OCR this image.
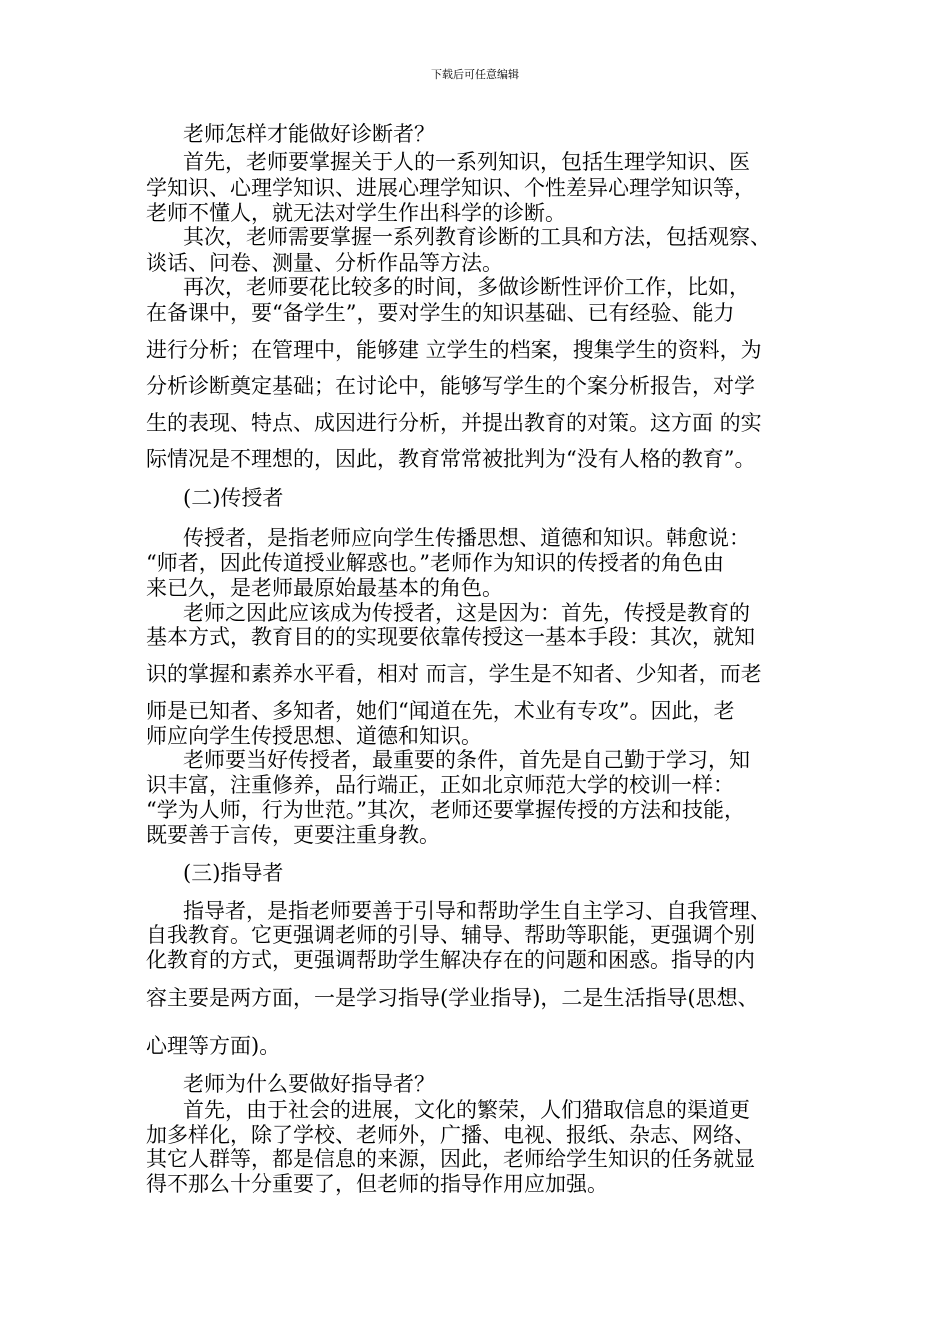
下载后可任意编辑
老师怎样才能做好诊断者？
首先，老师要掌握关于人的一系列知识，包括生理学知识、医
学知识、心理学知识、进展心理学知识、个性差异心理学知识等，
老师不懂人，就无法对学生作出科学的诊断。
其次，老师需要掌握一系列教育诊断的工具和方法，包括观察、
谈话、问卷、测量、分析作品等方法。
再次，老师要花比较多的时间，多做诊断性评价工作，比如，
在备课中，要“备学生”，要对学生的知识基础、已有经验、能力
进行分析；在管理中，能够建 立学生的档案，搜集学生的资料，为
分析诊断奠定基础；在讨论中，能够写学生的个案分析报告，对学
生的表现、特点、成因进行分析，并提出教育的对策。这方面 的实
际情况是不理想的，因此，教育常常被批判为“没有人格的教育”。
(二)传授者
传授者，是指老师应向学生传播思想、道德和知识。韩愈说：
“师者，因此传道授业解惑也。”老师作为知识的传授者的角色由
来已久，是老师最原始最基本的角色。
老师之因此应该成为传授者，这是因为：首先，传授是教育的
基本方式，教育目的的实现要依靠传授这一基本手段：其次，就知
识的掌握和素养水平看，相对 而言，学生是不知者、少知者，而老
师是已知者、多知者，她们“闻道在先，术业有专攻”。因此，老
师应向学生传授思想、道德和知识。
老师要当好传授者，最重要的条件，首先是自己勤于学习，知
识丰富，注重修养，品行端正，正如北京师范大学的校训一样：
“学为人师，行为世范。”其次，老师还要掌握传授的方法和技能，
既要善于言传，更要注重身教。
(三)指导者
指导者，是指老师要善于引导和帮助学生自主学习、自我管理、
自我教育。它更强调老师的引导、辅导、帮助等职能，更强调个别
化教育的方式，更强调帮助学生解决存在的问题和困惑。指导的内
容主要是两方面，一是学习指导(学业指导)，二是生活指导(思想、
心理等方面)。
老师为什么要做好指导者？
首先，由于社会的进展，文化的繁荣，人们猎取信息的渠道更
加多样化，除了学校、老师外，广播、电视、报纸、杂志、网络、
其它人群等，都是信息的来源，因此，老师给学生知识的任务就显
得不那么十分重要了，但老师的指导作用应加强。
